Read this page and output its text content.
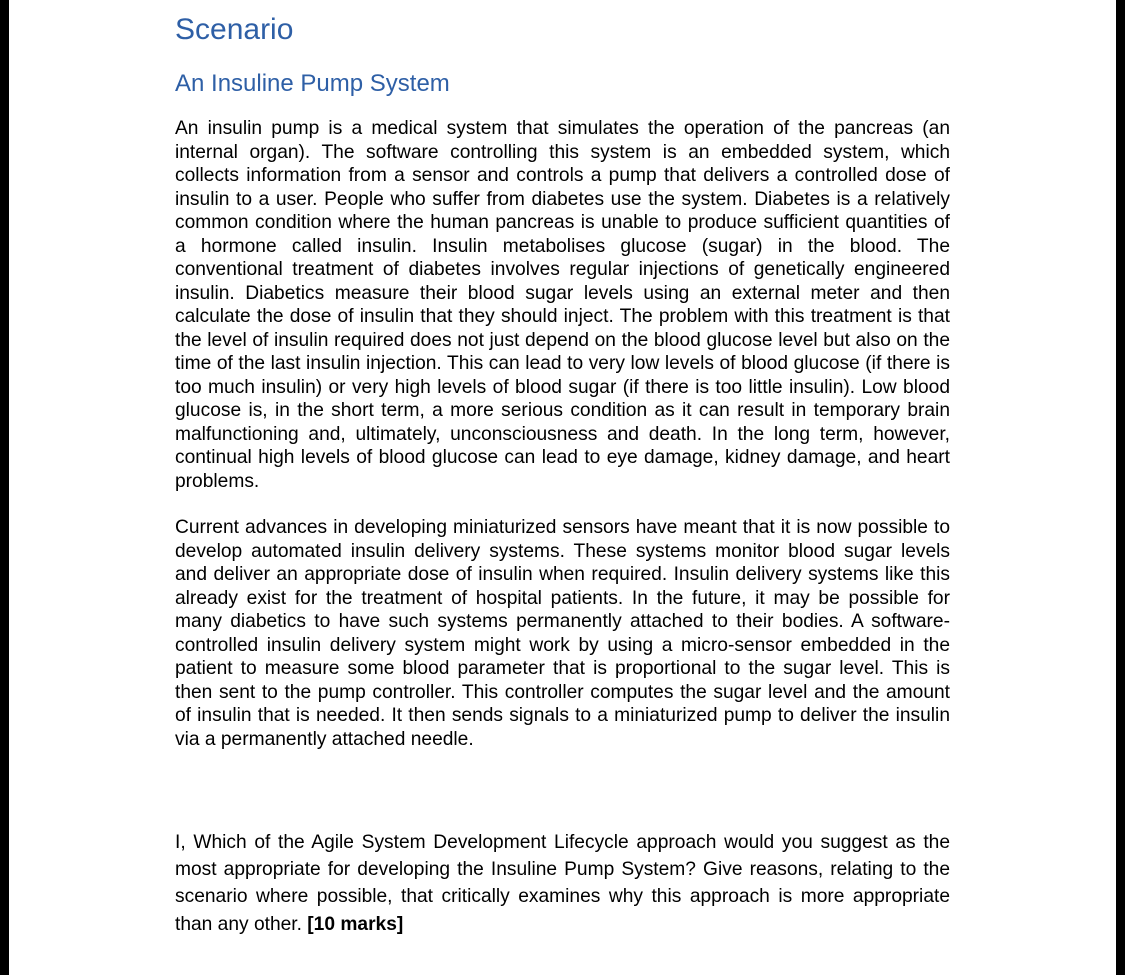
Scenario
An Insuline Pump System

An insulin pump is a medical system that simulates the operation of the pancreas (an internal organ). The software controlling this system is an embedded system, which collects information from a sensor and controls a pump that delivers a controlled dose of insulin to a user. People who suffer from diabetes use the system. Diabetes is a relatively common condition where the human pancreas is unable to produce sufficient quantities of a hormone called insulin. Insulin metabolises glucose (sugar) in the blood. The conventional treatment of diabetes involves regular injections of genetically engineered insulin. Diabetics measure their blood sugar levels using an external meter and then calculate the dose of insulin that they should inject. The problem with this treatment is that the level of insulin required does not just depend on the blood glucose level but also on the time of the last insulin injection. This can lead to very low levels of blood glucose (if there is too much insulin) or very high levels of blood sugar (if there is too little insulin). Low blood glucose is, in the short term, a more serious condition as it can result in temporary brain malfunctioning and, ultimately, unconsciousness and death. In the long term, however, continual high levels of blood glucose can lead to eye damage, kidney damage, and heart problems.

Current advances in developing miniaturized sensors have meant that it is now possible to develop automated insulin delivery systems. These systems monitor blood sugar levels and deliver an appropriate dose of insulin when required. Insulin delivery systems like this already exist for the treatment of hospital patients. In the future, it may be possible for many diabetics to have such systems permanently attached to their bodies. A software-controlled insulin delivery system might work by using a micro-sensor embedded in the patient to measure some blood parameter that is proportional to the sugar level. This is then sent to the pump controller. This controller computes the sugar level and the amount of insulin that is needed. It then sends signals to a miniaturized pump to deliver the insulin via a permanently attached needle.

I, Which of the Agile System Development Lifecycle approach would you suggest as the most appropriate for developing the Insuline Pump System? Give reasons, relating to the scenario where possible, that critically examines why this approach is more appropriate than any other. [10 marks]
